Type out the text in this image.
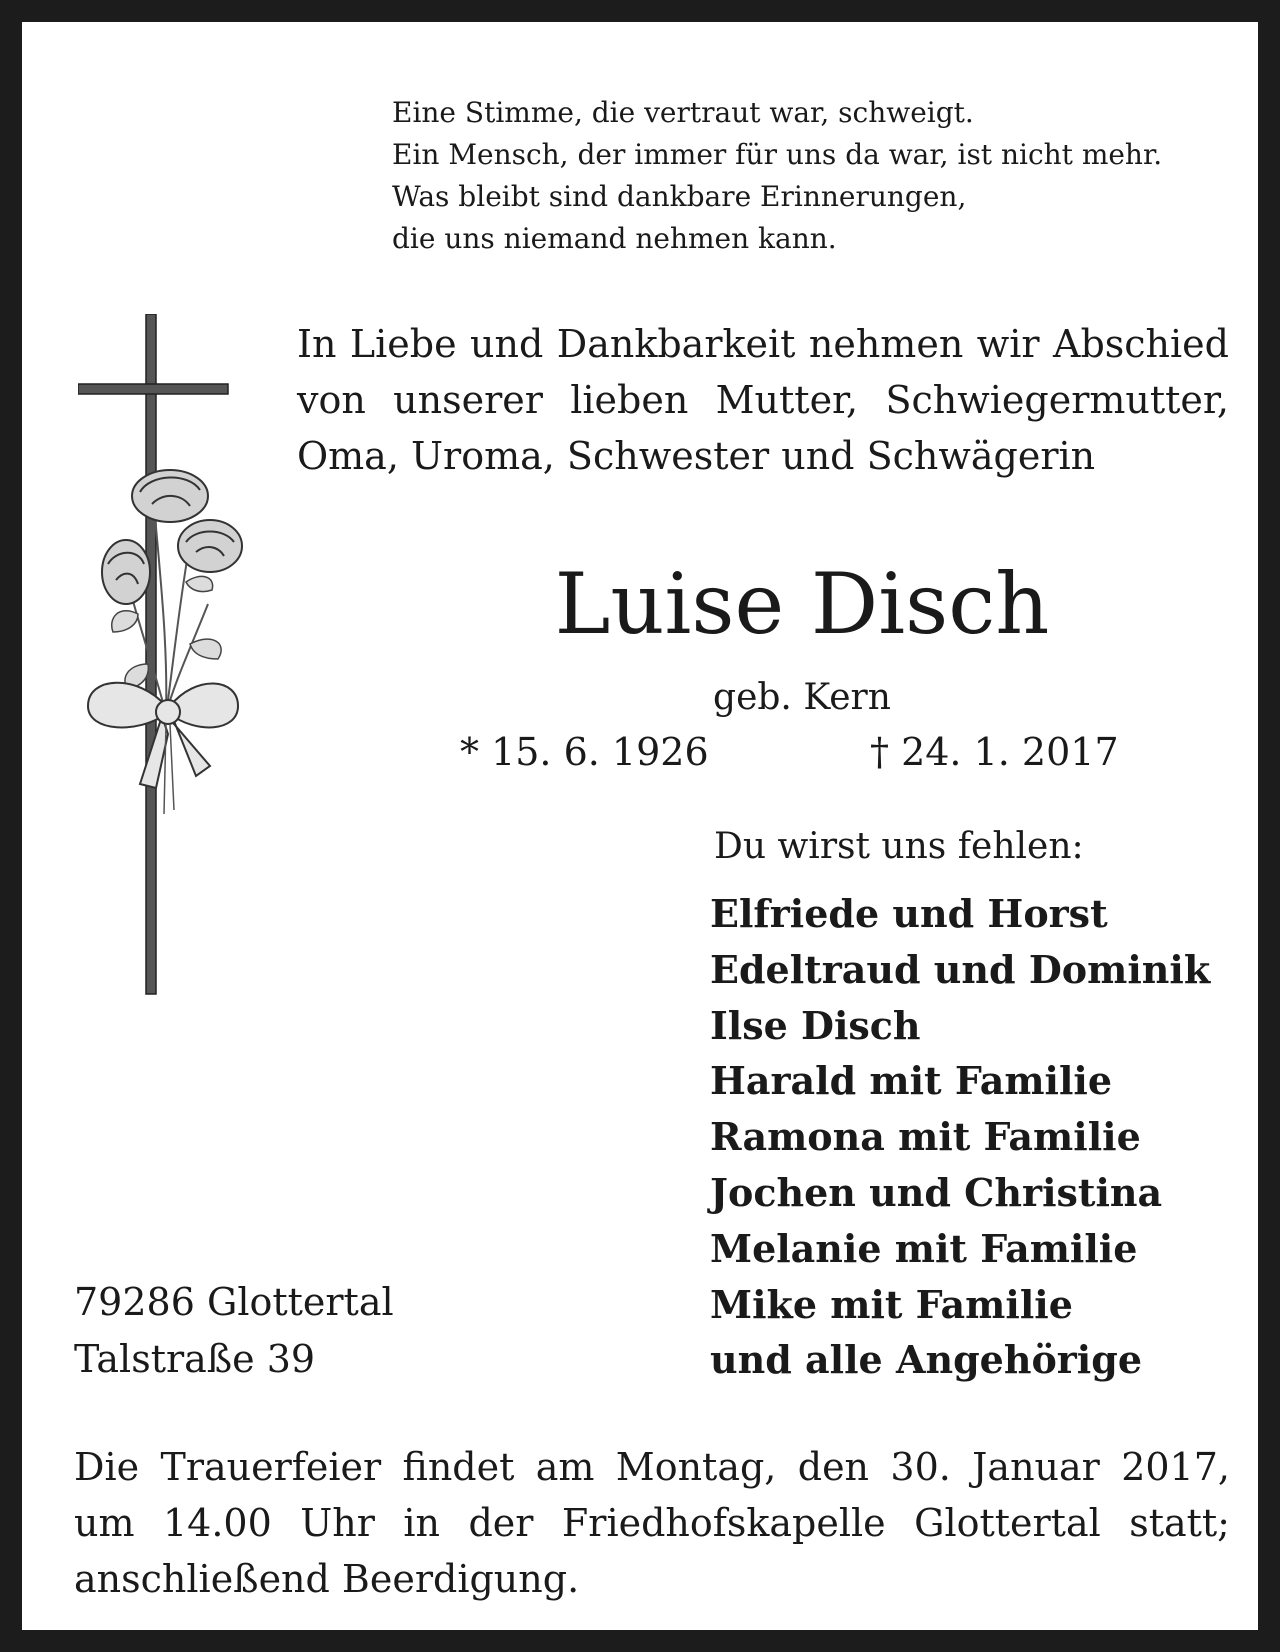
Eine Stimme, die vertraut war, schweigt.
Ein Mensch, der immer für uns da war, ist nicht mehr.
Was bleibt sind dankbare Erinnerungen,
die uns niemand nehmen kann.
In Liebe und Dankbarkeit nehmen wir Abschied
von unserer lieben Mutter, Schwiegermutter,
Oma, Uroma, Schwester und Schwägerin
Luise Disch
geb. Kern
* 15. 6. 1926	† 24. 1. 2017
Du wirst uns fehlen:
Elfriede und Horst
Edeltraud und Dominik
Ilse Disch
Harald mit Familie
Ramona mit Familie
Jochen und Christina
Melanie mit Familie
Mike mit Familie
und alle Angehörige
79286 Glottertal
Talstraße 39
Die Trauerfeier findet am Montag, den 30. Januar 2017,
um 14.00 Uhr in der Friedhofskapelle Glottertal statt;
anschließend Beerdigung.
